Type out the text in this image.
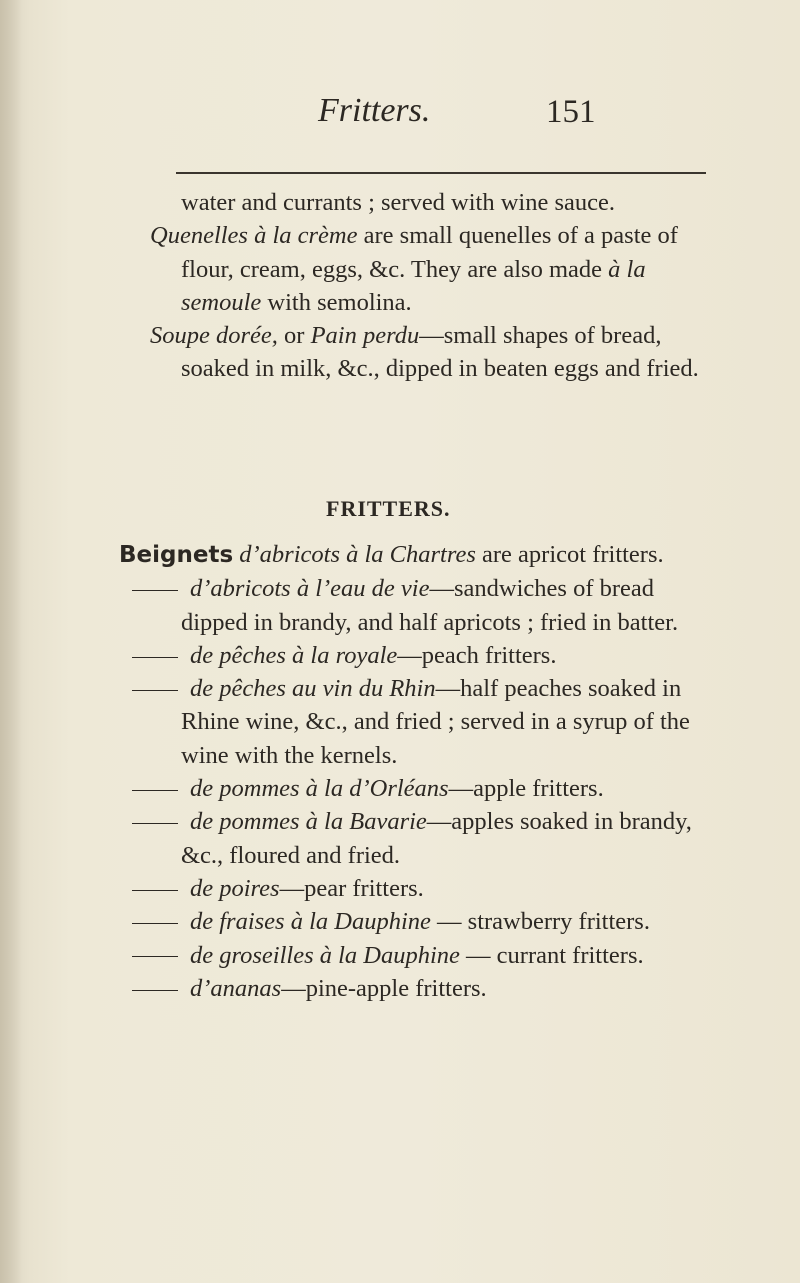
Fritters.	151

water and currants ; served with wine sauce.

Quenelles à la crème are small quenelles of a paste of flour, cream, eggs, &c. They are also made à la semoule with semolina.

Soupe dorée, or Pain perdu—small shapes of bread, soaked in milk, &c., dipped in beaten eggs and fried.

FRITTERS.

Beignets d’abricots à la Chartres are apricot fritters.

d’abricots à l’eau de vie—sandwiches of bread dipped in brandy, and half apricots ; fried in batter.

de pêches à la royale—peach fritters.

de pêches au vin du Rhin—half peaches soaked in Rhine wine, &c., and fried ; served in a syrup of the wine with the kernels.

de pommes à la d’Orléans—apple fritters.

de pommes à la Bavarie—apples soaked in brandy, &c., floured and fried.

de poires—pear fritters.

de fraises à la Dauphine — strawberry fritters.

de groseilles à la Dauphine — currant fritters.

d’ananas—pine-apple fritters.
